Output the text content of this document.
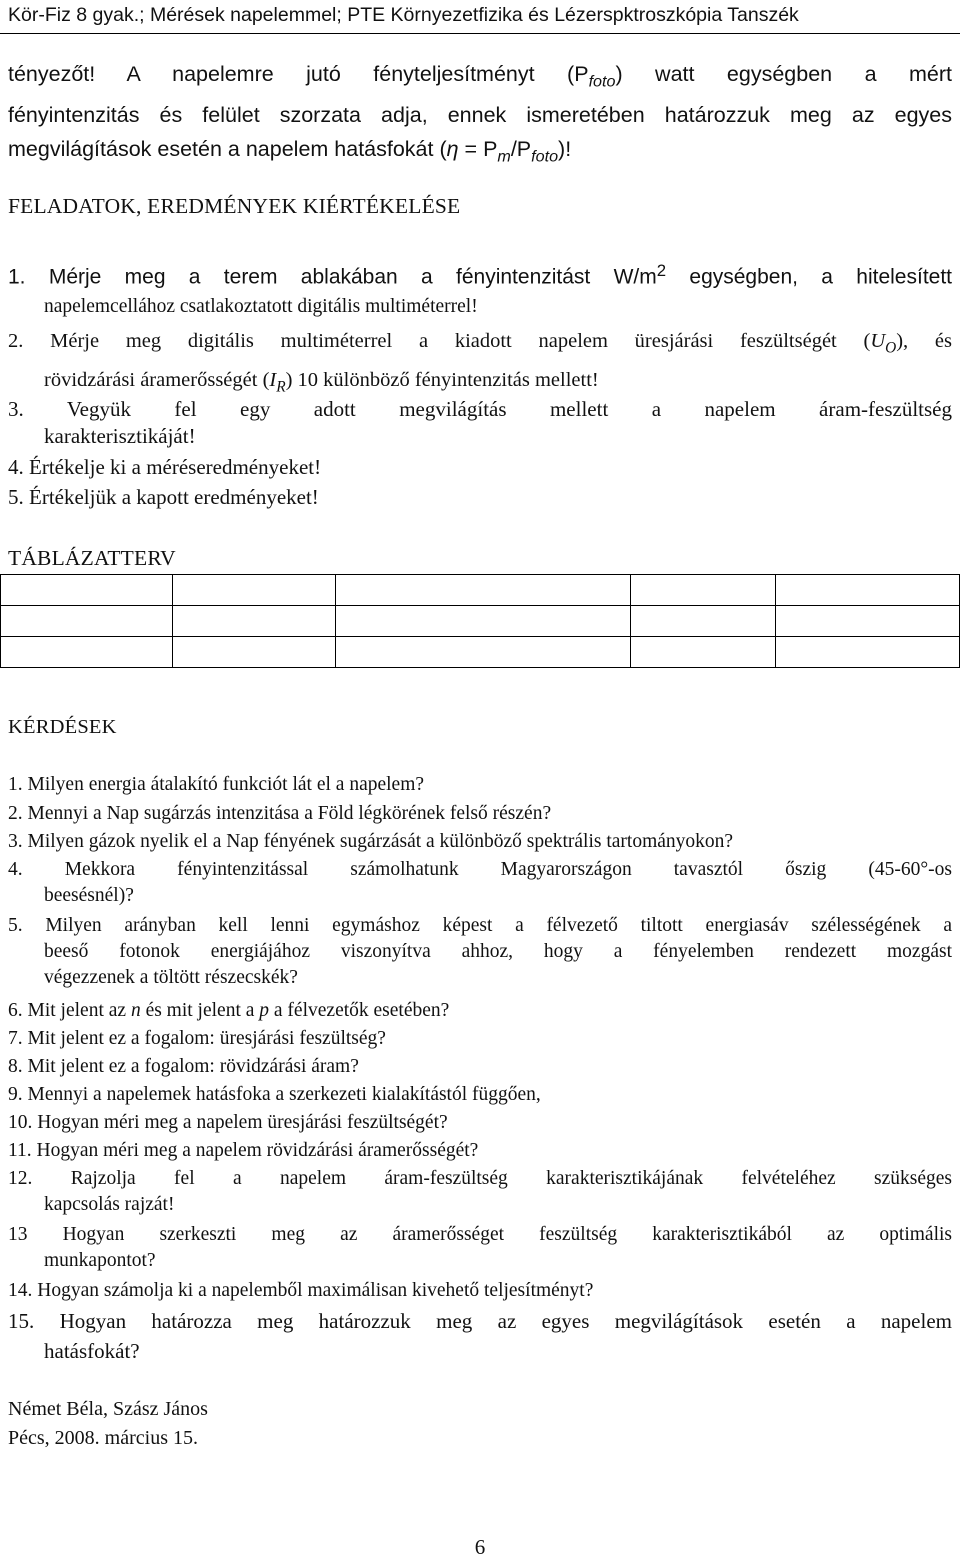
Kör-Fiz 8 gyak.; Mérések napelemmel; PTE Környezetfizika és Lézerspktroszkópia Tanszék
tényezőt! A napelemre jutó fényteljesítményt $(P_{foto})$ watt egységben a mért
fényintenzitás és felület szorzata adja, ennek ismeretében határozzuk meg az egyes
megvilágítások esetén a napelem hatásfokát $(\eta = P_m/P_{foto})$!
FELADATOK, EREDMÉNYEK KIÉRTÉKELÉSE
1. Mérje meg a terem ablakában a fényintenzitást $W/m^2$ egységben, a hitelesített
napelemcellához csatlakoztatott digitális multiméterrel!
2. Mérje meg digitális multiméterrel a kiadott napelem üresjárási feszültségét $(U_O)$, és
rövidzárási áramerősségét $(I_R)$ 10 különböző fényintenzitás mellett!
3. Vegyük fel egy adott megvilágítás mellett a napelem áram-feszültség
karakterisztikáját!
4. Értékelje ki a méréseredményeket!
5. Értékeljük a kapott eredményeket!
TÁBLÁZATTERV

KÉRDÉSEK
1. Milyen energia átalakító funkciót lát el a napelem?
2. Mennyi a Nap sugárzás intenzitása a Föld légkörének felső részén?
3. Milyen gázok nyelik el a Nap fényének sugárzását a különböző spektrális tartományokon?
4. Mekkora fényintenzitással számolhatunk Magyarországon tavasztól őszig (45-60°-os
beesésnél)?
5. Milyen arányban kell lenni egymáshoz képest a félvezető tiltott energiasáv szélességének a
beeső fotonok energiájához viszonyítva ahhoz, hogy a fényelemben rendezett mozgást
végezzenek a töltött részecskék?
6. Mit jelent az n és mit jelent a p a félvezetők esetében?
7. Mit jelent ez a fogalom: üresjárási feszültség?
8. Mit jelent ez a fogalom: rövidzárási áram?
9. Mennyi a napelemek hatásfoka a szerkezeti kialakítástól függően,
10. Hogyan méri meg a napelem üresjárási feszültségét?
11. Hogyan méri meg a napelem rövidzárási áramerősségét?
12. Rajzolja fel a napelem áram-feszültség karakterisztikájának felvételéhez szükséges
kapcsolás rajzát!
13 Hogyan szerkeszti meg az áramerősséget feszültség karakterisztikából az optimális
munkapontot?
14. Hogyan számolja ki a napelemből maximálisan kivehető teljesítményt?
15. Hogyan határozza meg határozzuk meg az egyes megvilágítások esetén a napelem
hatásfokát?
Német Béla, Szász János
Pécs, 2008. március 15.
6
